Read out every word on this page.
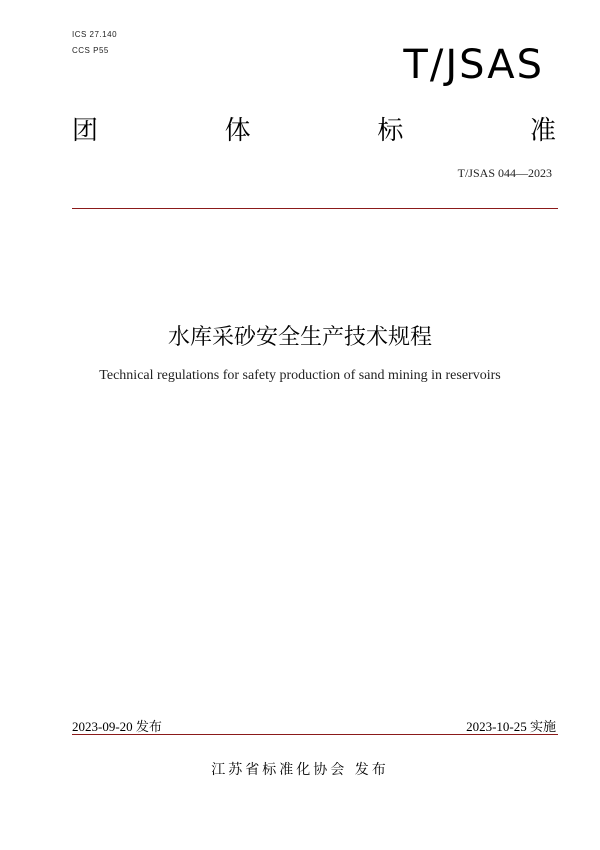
ICS 27.140
CCS P55	T/JSAS
团	体	标	准
T/JSAS 044—2023
水库采砂安全生产技术规程
Technical regulations for safety production of sand mining in reservoirs
2023-09-20 发布	2023-10-25 实施
江苏省标准化协会 发布
